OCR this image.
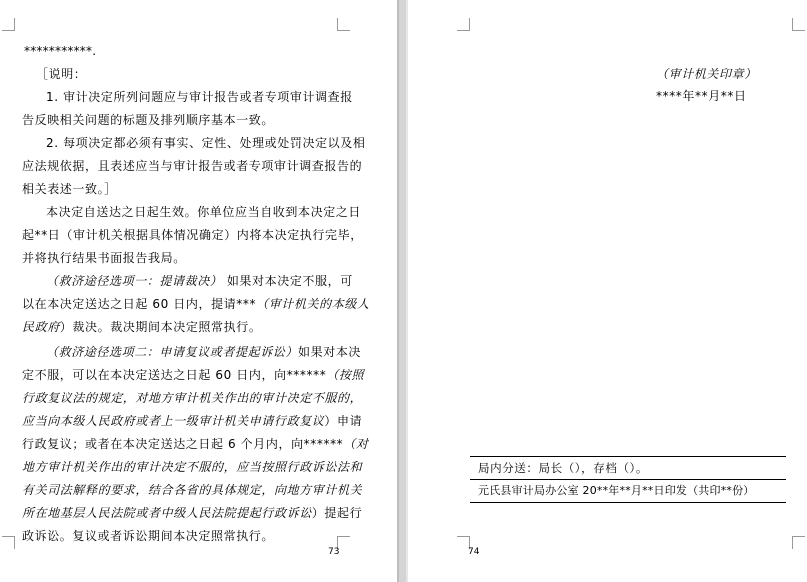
***********.
［说明：
1. 审计决定所列问题应与审计报告或者专项审计调查报
告反映相关问题的标题及排列顺序基本一致。
2. 每项决定都必须有事实、定性、处理或处罚决定以及相
应法规依据，且表述应当与审计报告或者专项审计调查报告的
相关表述一致。］
本决定自送达之日起生效。你单位应当自收到本决定之日
起**日（审计机关根据具体情况确定）内将本决定执行完毕，
并将执行结果书面报告我局。
（救济途径选项一：提请裁决） 如果对本决定不服，可
以在本决定送达之日起 60 日内，提请***（审计机关的本级人
民政府）裁决。裁决期间本决定照常执行。
（救济途径选项二：申请复议或者提起诉讼）如果对本决
定不服，可以在本决定送达之日起 60 日内，向******（按照
行政复议法的规定，对地方审计机关作出的审计决定不服的，
应当向本级人民政府或者上一级审计机关申请行政复议）申请
行政复议；或者在本决定送达之日起 6 个月内，向******（对
地方审计机关作出的审计决定不服的，应当按照行政诉讼法和
有关司法解释的要求，结合各省的具体规定，向地方审计机关
所在地基层人民法院或者中级人民法院提起行政诉讼）提起行
政诉讼。复议或者诉讼期间本决定照常执行。
73
（审计机关印章）
****年**月**日
局内分送：局长（），存档（）。
元氏县审计局办公室 20**年**月**日印发（共印**份）
74
